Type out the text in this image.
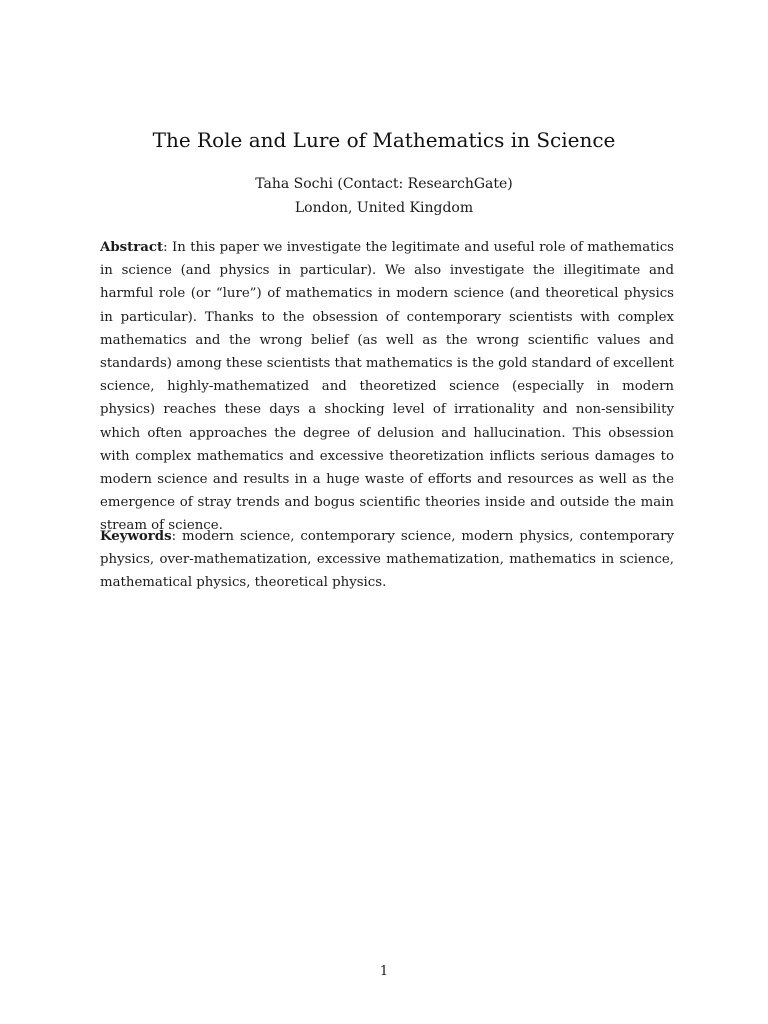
The Role and Lure of Mathematics in Science
Taha Sochi (Contact: ResearchGate)
London, United Kingdom

Abstract: In this paper we investigate the legitimate and useful role of mathematics in science (and physics in particular). We also investigate the illegitimate and harmful role (or “lure”) of mathematics in modern science (and theoretical physics in particular). Thanks to the obsession of contemporary scientists with complex mathematics and the wrong belief (as well as the wrong scientific values and standards) among these scientists that mathematics is the gold standard of excellent science, highly-mathematized and theoretized science (especially in modern physics) reaches these days a shocking level of irrationality and non-sensibility which often approaches the degree of delusion and hallucination. This obsession with complex mathematics and excessive theoretization inflicts serious damages to modern science and results in a huge waste of efforts and resources as well as the emergence of stray trends and bogus scientific theories inside and outside the main stream of science.

Keywords: modern science, contemporary science, modern physics, contemporary physics, over-mathematization, excessive mathematization, mathematics in science, mathematical physics, theoretical physics.

1
